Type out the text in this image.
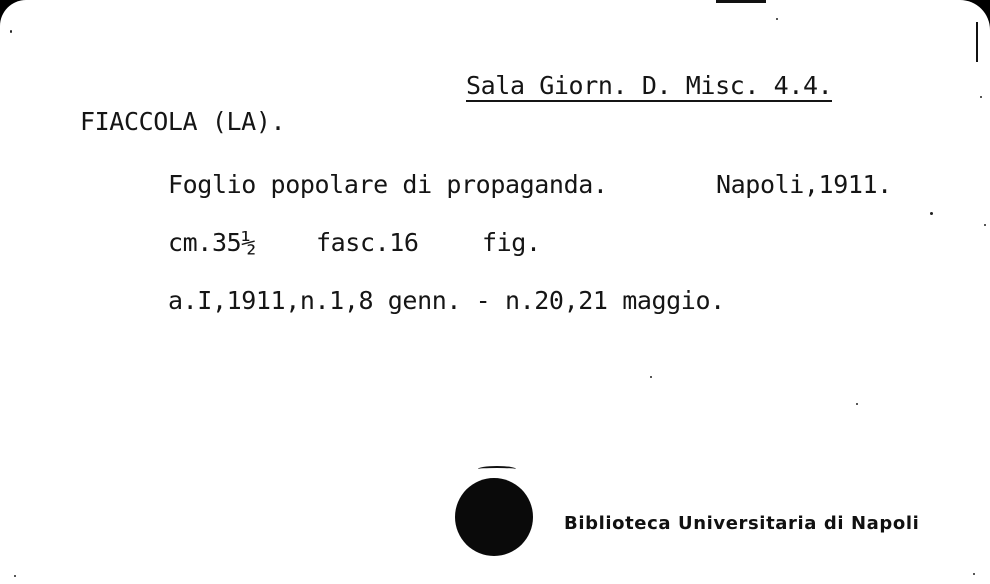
Sala Giorn. D. Misc. 4.4.
FIACCOLA (LA).
Foglio popolare di propaganda.	Napoli,1911.
cm.35½ fasc.16	fig.
a.I,1911,n.1,8 genn. - n.20,21 maggio.
Biblioteca Universitaria di Napoli
